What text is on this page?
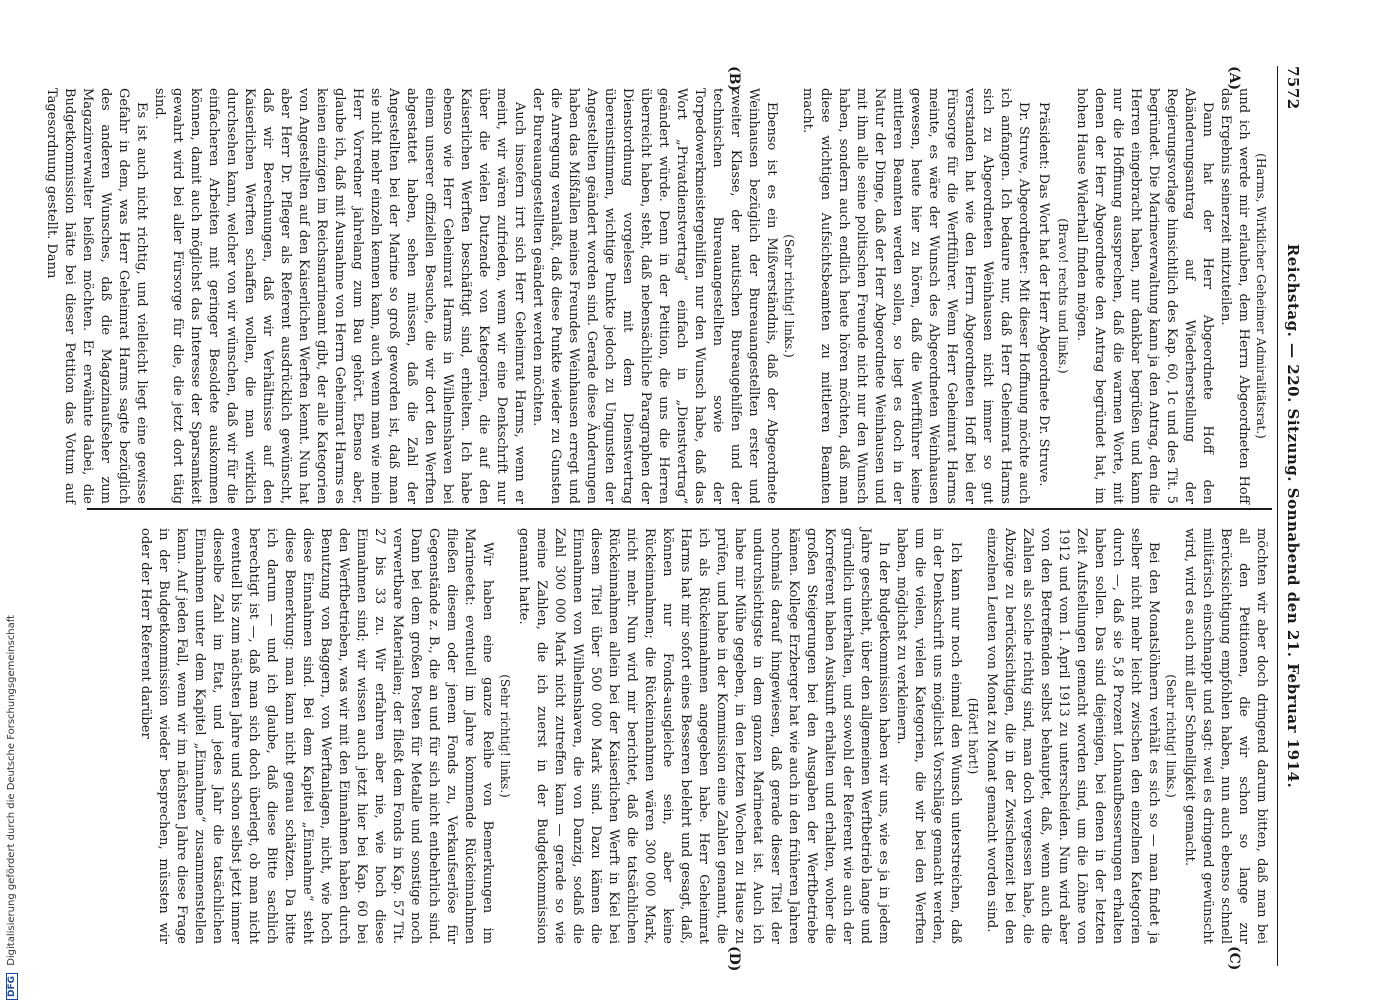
7572
Reichstag. — 220. Sitzung. Sonnabend den 21. Februar 1914.
(A)
(B)
(C)
(D)

(Harms, Wirklicher Geheimer Admiralitätsrat.)

und ich werde mir erlauben, dem Herrn Abgeordneten Hoff das Ergebnis seinerzeit mitzuteilen.

Dann hat der Herr Abgeordnete Hoff den Abänderungsantrag auf Wiederherstellung der Regierungsvorlage hinsichtlich des Kap. 60, 1c und des Tit. 5 begründet. Die Marineverwaltung kann ja den Antrag, den die Herren eingebracht haben, nur dankbar begrüßen und kann nur die Hoffnung aussprechen, daß die warmen Worte, mit denen der Herr Abgeordnete den Antrag begründet hat, im hohen Hause Widerhall finden mögen.

(Bravo! rechts und links.)

Präsident: Das Wort hat der Herr Abgeordnete Dr. Struve.

Dr. Struve, Abgeordneter: Mit dieser Hoffnung möchte auch ich anfangen. Ich bedaure nur, daß Herr Geheimrat Harms sich zu Abgeordneten Weinhausen nicht immer so gut verstanden hat wie den Herrn Abgeordneten Hoff bei der Fürsorge für die Werftführer. Wenn Herr Geheimrat Harms meinte, es wäre der Wunsch des Abgeordneten Weinhausen gewesen, heute hier zu hören, daß die Werftführer keine mittleren Beamten werden sollen, so liegt es doch in der Natur der Dinge, daß der Herr Abgeordnete Weinhausen und mit ihm alle seine politischen Freunde nicht nur den Wunsch haben, sondern auch endlich heute hören möchten, daß man diese wichtigen Aufsichtsbeamten zu mittleren Beamten macht.

(Sehr richtig! links.)

Ebenso ist es ein Mißverständnis, daß der Abgeordnete Weinhausen bezüglich der Bureauangestellten erster und zweiter Klasse, der nautischen Bureaugehilfen und der technischen Bureauangestellten sowie der Torpedowerkmeistergehilfen nur den Wunsch habe, daß das Wort „Privatdienstvertrag“ einfach in „Dienstvertrag“ geändert würde. Denn in der Petition, die uns die Herren überreicht haben, steht, daß nebensächliche Paragraphen der Dienstordnung vorgelesen mit dem Dienstvertrag übereinstimmen, wichtige Punkte jedoch zu Ungunsten der Angestellten geändert worden sind. Gerade diese Änderungen haben das Mißfallen meines Freundes Weinhausen erregt und die Anregung veranlaßt, daß diese Punkte wieder zu Gunsten der Bureauangestellten geändert werden möchten.

Auch insofern irrt sich Herr Geheimrat Harms, wenn er meint, wir wären zufrieden, wenn wir eine Denkschrift nur über die vielen Dutzende von Kategorien, die auf den Kaiserlichen Werften beschäftigt sind, erhielten. Ich habe ebenso wie Herr Geheimrat Harms in Wilhelmshaven bei einem unserer offiziellen Besuche, die wir dort den Werften abgestattet haben, sehen müssen, daß die Zahl der Angestellten bei der Marine so groß geworden ist, daß man sie nicht mehr einzeln kennen kann, auch wenn man wie mein Herr Vorredner jahrelang zum Bau gehört. Ebenso aber, glaube ich, daß mit Ausnahme von Herrn Geheimrat Harms es keinen einzigen im Reichsmarineamt gibt, der alle Kategorien von Angestellten auf den Kaiserlichen Werften kennt. Nun hat aber Herr Dr. Pfleger als Referent ausdrücklich gewünscht, daß wir Berechnungen, daß wir Verhältnisse auf den Kaiserlichen Werften schaffen wollen, die man wirklich durchsehen kann, welcher von wir wünschen, daß wir für die einfacheren Arbeiten mit geringer Besoldete auskommen können, damit auch möglichst das Interesse der Sparsamkeit gewahrt wird bei aller Fürsorge für die, die jetzt dort tätig sind.

Es ist auch nicht richtig, und vielleicht liegt eine gewisse Gefahr in dem, was Herr Geheimrat Harms sagte bezüglich des anderen Wunsches, daß die Magazinaufseher zum Magazinverwalter heißen möchten. Er erwähnte dabei, die Budgetkommission hätte bei dieser Petition das Votum auf Tagesordnung gestellt. Dann

möchten wir aber doch dringend darum bitten, daß man bei all den Petitionen, die wir schon so lange zur Berücksichtigung empfohlen haben, nun auch ebenso schnell militärisch einschnappt und sagt: weil es dringend gewünscht wird, wird es auch mit aller Schnelligkeit gemacht.

(Sehr richtig! links.)

Bei den Monatslöhnern verhält es sich so — man findet ja selber nicht mehr leicht zwischen den einzelnen Kategorien durch —, daß sie 5,8 Prozent Lohnaufbesserungen erhalten haben sollen. Das sind diejenigen, bei denen in der letzten Zeit Aufstellungen gemacht worden sind, um die Löhne von 1912 und vom 1. April 1913 zu unterscheiden. Nun wird aber von den Betreffenden selbst behauptet, daß, wenn auch die Zahlen als solche richtig sind, man doch vergessen habe, die Abzüge zu berücksichtigen, die in der Zwischenzeit bei den einzelnen Leuten von Monat zu Monat gemacht worden sind.

(Hört! hört!)

Ich kann nur noch einmal den Wunsch unterstreichen, daß in der Denkschrift uns möglichst Vorschläge gemacht werden, um die vielen, vielen Kategorien, die wir bei den Werften haben, möglichst zu verkleinern.

In der Budgetkommission haben wir uns, wie es ja in jedem Jahre geschieht, über den allgemeinen Werftbetrieb lange und gründlich unterhalten, und sowohl der Referent wie auch der Korreferent haben Auskunft erhalten und erhalten, woher die großen Steigerungen bei den Ausgaben der Werftbetriebe kämen. Kollege Erzberger hat wie auch in den früheren Jahren nochmals darauf hingewiesen, daß gerade dieser Titel der undurchsichtigste in dem ganzen Marineetat ist. Auch ich habe mir Mühe gegeben, in den letzten Wochen zu Hause zu prüfen, und habe in der Kommission eine Zahlen genannt, die ich als Rückeinnahmen angegeben habe. Herr Geheimrat Harms hat mir sofort eines Besseren belehrt und gesagt, daß, können nur Fonds-ausgleiche sein, aber keine Rückeinnahmen; die Rückeinnahmen wären 300 000 Mark, nicht mehr. Nun wird mir berichtet, daß die tatsächlichen Rückeinnahmen allein bei der Kaiserlichen Werft in Kiel bei diesem Titel über 500 000 Mark sind. Dazu kämen die Einnahmen von Wilhelmshaven, die von Danzig, sodaß die Zahl 300 000 Mark nicht zutreffen kann — gerade so wie meine Zahlen, die ich zuerst in der Budgetkommission genannt hatte.

(Sehr richtig! links.)

Wir haben eine ganze Reihe von Bemerkungen im Marineetat: eventuell im Jahre kommende Rückeinnahmen fließen diesem oder jenem Fonds zu, Verkaufserlöse für Gegenstände z. B., die an und für sich nicht entbehrlich sind. Dann bei dem großen Posten für Metalle und sonstige noch verwertbare Materialien; der fließt dem Fonds in Kap. 57 Tit. 27 bis 33 zu. Wir erfahren aber nie, wie hoch diese Einnahmen sind; wir wissen auch jetzt hier bei Kap. 60 bei den Werftbetrieben, was wir mit den Einnahmen haben durch Benutzung von Baggern, von Werftanlagen, nicht, wie hoch diese Einnahmen sind. Bei dem Kapitel „Einnahme“ steht diese Bemerkung: man kann nicht genau schätzen. Da bitte ich darum — und ich glaube, daß diese Bitte sachlich berechtigt ist —, daß man sich doch überlegt, ob man nicht eventuell bis zum nächsten Jahre und schon selbst jetzt immer dieselbe Zahl im Etat, und jedes Jahr die tatsächlichen Einnahmen unter dem Kapitel „Einnahme“ zusammenstellen kann. Auf jeden Fall, wenn wir im nächsten Jahre diese Frage in der Budgetkommission wieder besprechen, müssten wir oder der Herr Referent darüber

DFG Digitalisierung gefördert durch die Deutsche Forschungsgemeinschaft
